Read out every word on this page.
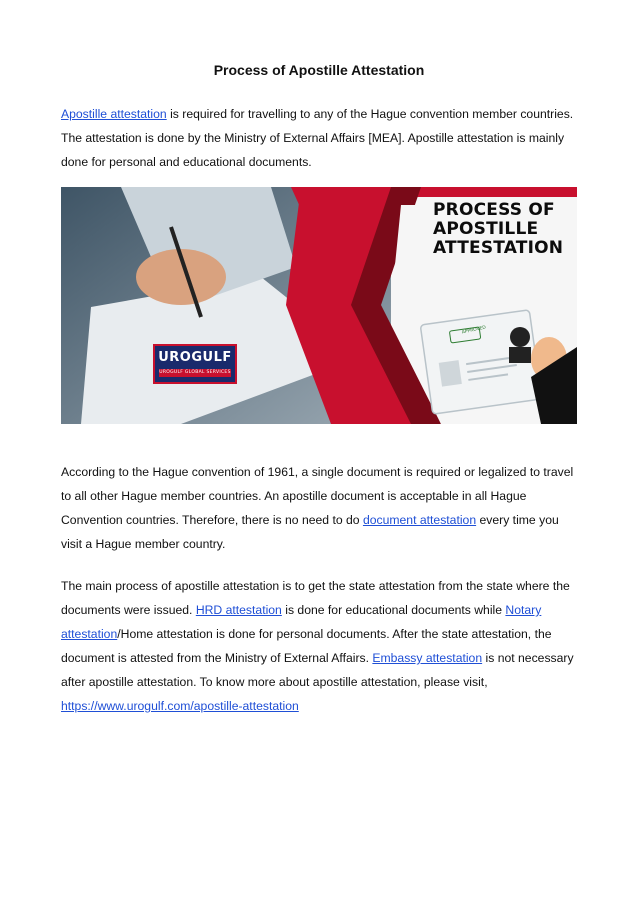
Process of Apostille Attestation
Apostille attestation is required for travelling to any of the Hague convention member countries. The attestation is done by the Ministry of External Affairs [MEA]. Apostille attestation is mainly done for personal and educational documents.
PROCESS OF APOSTILLE ATTESTATION
UROGULF
UROGULF GLOBAL SERVICES
APPROVED
According to the Hague convention of 1961, a single document is required or legalized to travel to all other Hague member countries. An apostille document is acceptable in all Hague Convention countries. Therefore, there is no need to do document attestation every time you visit a Hague member country.
The main process of apostille attestation is to get the state attestation from the state where the documents were issued. HRD attestation is done for educational documents while Notary attestation/Home attestation is done for personal documents. After the state attestation, the document is attested from the Ministry of External Affairs. Embassy attestation is not necessary after apostille attestation. To know more about apostille attestation, please visit, https://www.urogulf.com/apostille-attestation
